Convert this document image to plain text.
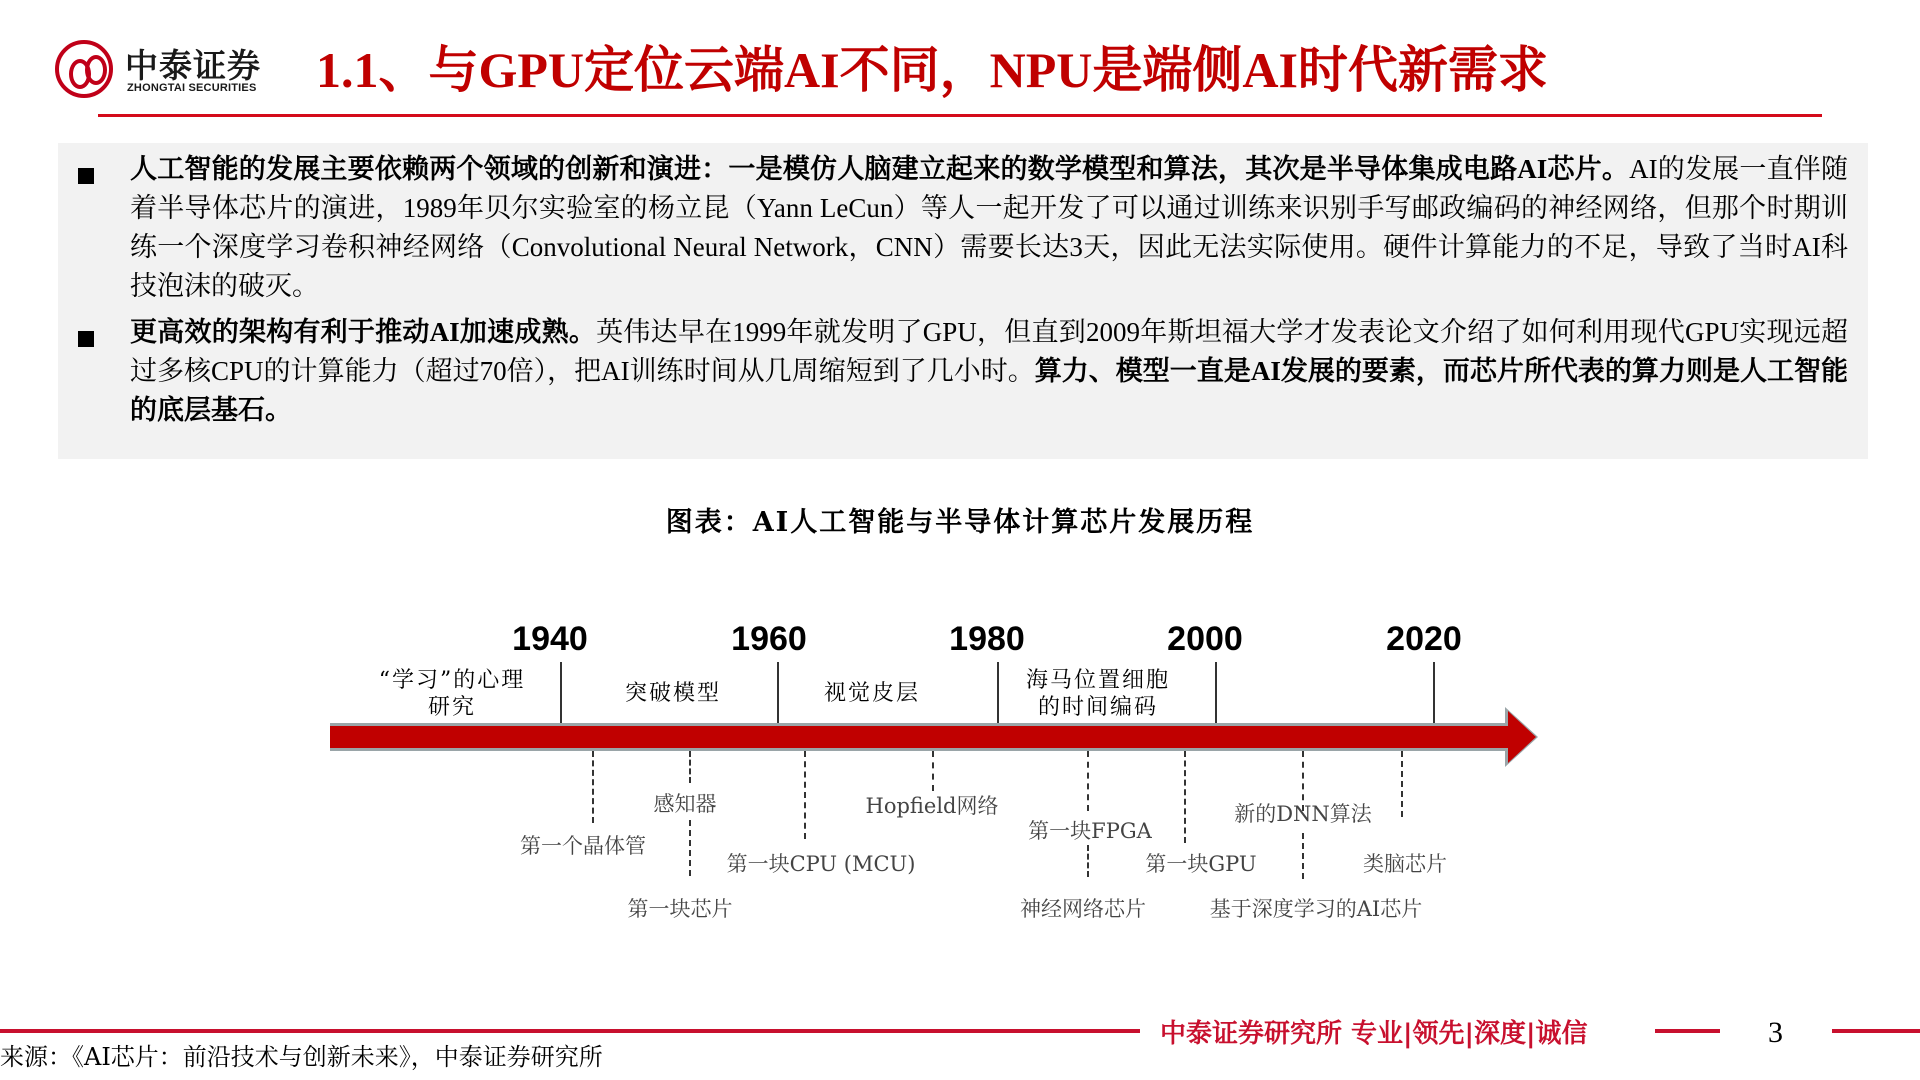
中泰证券
ZHONGTAI SECURITIES 1.1、与GPU定位云端AI不同，NPU是端侧AI时代新需求
人工智能的发展主要依赖两个领域的创新和演进：一是模仿人脑建立起来的数学模型和算法，其次是半导体集成电路AI芯片。AI的发展一直伴随着半导体芯片的演进，1989年贝尔实验室的杨立昆（Yann LeCun）等人一起开发了可以通过训练来识别手写邮政编码的神经网络，但那个时期训练一个深度学习卷积神经网络（Convolutional Neural Network，CNN）需要长达3天，因此无法实际使用。硬件计算能力的不足，导致了当时AI科技泡沫的破灭。
更高效的架构有利于推动AI加速成熟。英伟达早在1999年就发明了GPU，但直到2009年斯坦福大学才发表论文介绍了如何利用现代GPU实现远超过多核CPU的计算能力（超过70倍），把AI训练时间从几周缩短到了几小时。算力、模型一直是AI发展的要素，而芯片所代表的算力则是人工智能的底层基石。
图表：AI人工智能与半导体计算芯片发展历程
1940	1960	1980	2000	2020
“学习”的心理
研究
突破模型	视觉皮层
海马位置细胞
的时间编码
第一个晶体管
感知器
第一块芯片
第一块CPU (MCU)
Hopfield网络
第一块FPGA
神经网络芯片
第一块GPU
新的DNN算法
基于深度学习的AI芯片
类脑芯片
中泰证券研究所 专业|领先|深度|诚信	3
来源：《AI芯片：前沿技术与创新未来》，中泰证券研究所
